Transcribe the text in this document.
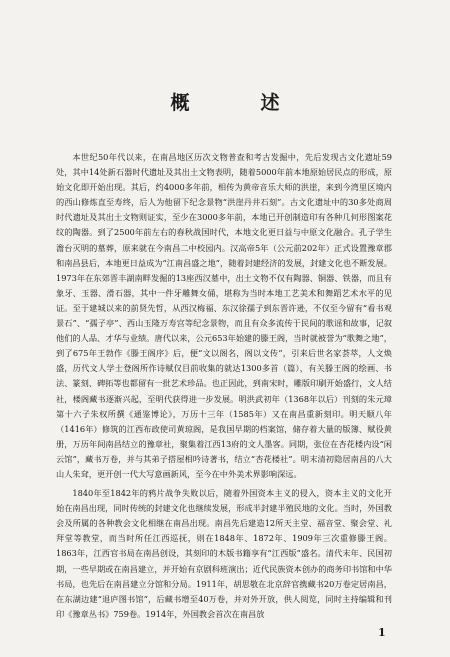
概　述

本世纪50年代以来，在南昌地区历次文物普查和考古发掘中，先后发现古文化遗址59处，其中14处新石器时代遗址及其出土文物表明，随着5000年前本地原始居民点的形成，原始文化即开始出现。其后，约4000多年前，相传为黄帝音乐大师的洪崖，来到今湾里区境内的西山修炼直至寿终，后人为他留下纪念景物“洪崖丹井石刻”。古文化遗址中的30多处商周时代遗址及其出土文物则证实，至少在3000多年前，本地已开创制造印有各种几何形图案花纹的陶器。到了2500年前左右的春秋战国时代，本地文化更日益与中原文化融合。孔子学生澹台灭明的墓葬，原来就在今南昌二中校园内。汉高帝5年（公元前202年）正式设置豫章郡和南昌县后，本地更日益成为“江南昌盛之地”，随着封建经济的发展，封建文化也不断发展。1973年在东郊晋丰湖南畔发掘的13座西汉墓中，出土文物不仅有陶器、铜器、铁器，而且有象牙、玉器、滑石器，其中一件牙雕舞女俑，堪称为当时本地工艺美术和舞蹈艺术水平的见证。至于建城以来的前贤先哲，从西汉梅福、东汉徐孺子到东晋许逊，不仅至今留有“看书观景石”、“孺子亭”、西山玉隆万寿宫等纪念景物，而且有众多流传于民间的歌谣和故事，记叙他们的人品、才华与业绩。唐代以来，公元653年始建的滕王阁，当时就被誉为“歌舞之地”，到了675年王勃作《滕王阁序》后，便“文以阁名，阁以文传”，引来后世名家荟萃，人文焕盛，历代文人学士登阁所作诗赋仅目前收集的就达1300多首（篇），有关滕王阁的绘画、书法、篆刻、碑拓等也都留有一批艺术珍品。也正因此，到南宋时，雕版印刷开始盛行，文人结社，楼阁藏书逐渐兴起，至明代获得进一步发展。明洪武初年（1368年以后）刊刻的朱元璋第十六子朱权所撰《通鉴博论》，万历十三年（1585年）又在南昌重新刻印。明天顺八年（1416年）修筑的江西布政使司黄琼阁，是我国早期的档案馆，储存着大量的版簿、赋役黄册，万历年间南昌结立的豫章社，聚集着江西13府的文人墨客。同期，张位在杏花楼内设“闲云馆”，藏书万卷，并与其弟子搭屋相吟诗著书，结立“杏花楼社”。明末清初隐居南昌的八大山人朱耷，更开创一代大写意画新风，至今在中外美术界影响深远。

1840年至1842年的鸦片战争失败以后，随着外国资本主义的侵入，资本主义的文化开始在南昌出现，同时传统的封建文化也继续发展，形成半封建半殖民地的文化。当时，外国教会及所属的各种教会文化相继在南昌出现。南昌先后建造12所天主堂、福音堂、聚会堂、礼拜堂等教堂，而当时所任江西巡抚，则在1848年、1872年、1909年三次重修滕王阁。1863年，江西官书局在南昌创设，其刻印的木版书籍享有“江西版”盛名。清代末年、民国初期，一些早期或在南昌建立，并开始有京剧科班演出；近代民族资本创办的商务印书馆和中华书局，也先后在南昌建立分馆和分局。1911年，胡思敬在北京辞官携藏书20万卷定居南昌，在东湖边建“退庐图书馆”，后藏书增至40万卷，并对外开放，供人阅览，同时主持编辑和刊印《豫章丛书》759卷。1914年，外国教会首次在南昌放

1
